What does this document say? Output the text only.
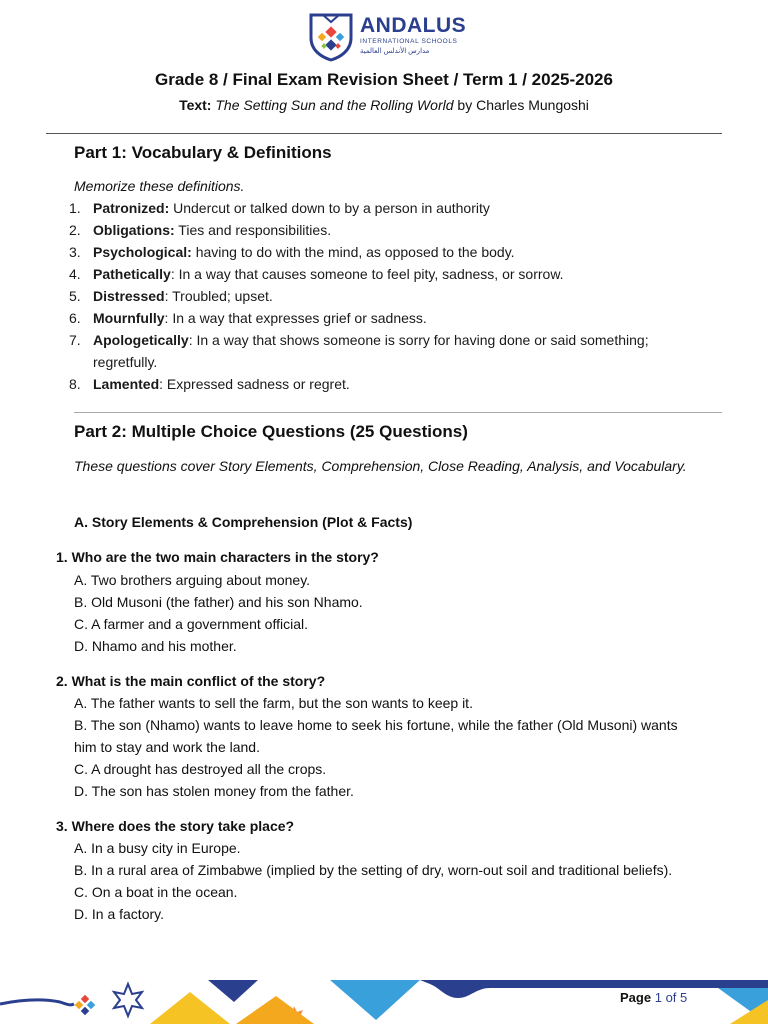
ANDALUS
INTERNATIONAL SCHOOLS
مدارس الأندلس العالمية
Grade 8 / Final Exam Revision Sheet / Term 1 / 2025-2026
Text: The Setting Sun and the Rolling World by Charles Mungoshi
Part 1: Vocabulary & Definitions
Memorize these definitions.
1. Patronized: Undercut or talked down to by a person in authority
2. Obligations: Ties and responsibilities.
3. Psychological: having to do with the mind, as opposed to the body.
4. Pathetically: In a way that causes someone to feel pity, sadness, or sorrow.
5. Distressed: Troubled; upset.
6. Mournfully: In a way that expresses grief or sadness.
7. Apologetically: In a way that shows someone is sorry for having done or said something; regretfully.
8. Lamented: Expressed sadness or regret.
Part 2: Multiple Choice Questions (25 Questions)
These questions cover Story Elements, Comprehension, Close Reading, Analysis, and Vocabulary.
A. Story Elements & Comprehension (Plot & Facts)
1. Who are the two main characters in the story?
A. Two brothers arguing about money.
B. Old Musoni (the father) and his son Nhamo.
C. A farmer and a government official.
D. Nhamo and his mother.
2. What is the main conflict of the story?
A. The father wants to sell the farm, but the son wants to keep it.
B. The son (Nhamo) wants to leave home to seek his fortune, while the father (Old Musoni) wants him to stay and work the land.
C. A drought has destroyed all the crops.
D. The son has stolen money from the father.
3. Where does the story take place?
A. In a busy city in Europe.
B. In a rural area of Zimbabwe (implied by the setting of dry, worn-out soil and traditional beliefs).
C. On a boat in the ocean.
D. In a factory.
Page 1 of 5
